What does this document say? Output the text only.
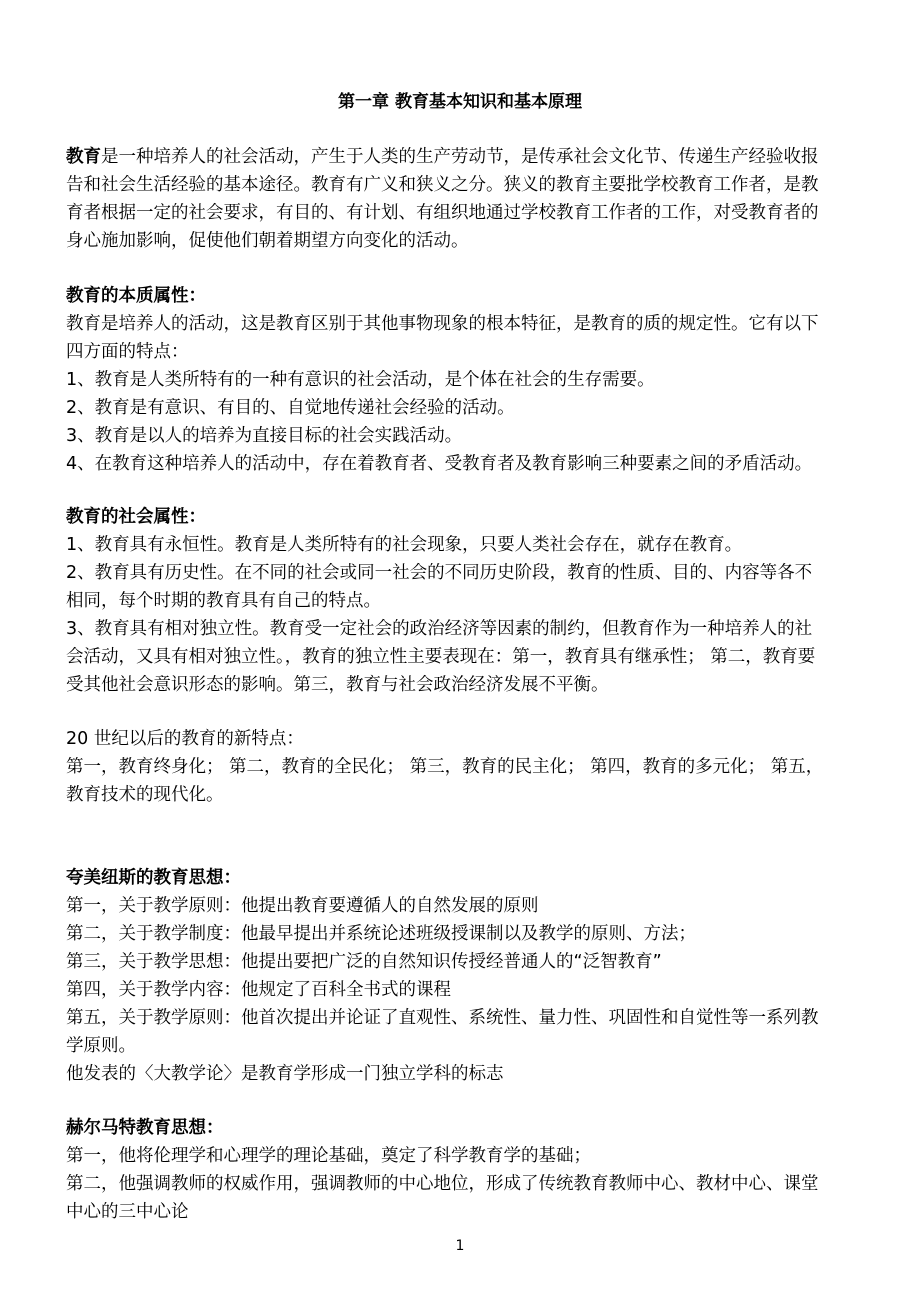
第一章 教育基本知识和基本原理
教育是一种培养人的社会活动，产生于人类的生产劳动节，是传承社会文化节、传递生产经验收报
告和社会生活经验的基本途径。教育有广义和狭义之分。狭义的教育主要批学校教育工作者，是教
育者根据一定的社会要求，有目的、有计划、有组织地通过学校教育工作者的工作，对受教育者的
身心施加影响，促使他们朝着期望方向变化的活动。
教育的本质属性：
教育是培养人的活动，这是教育区别于其他事物现象的根本特征，是教育的质的规定性。它有以下
四方面的特点：
1、教育是人类所特有的一种有意识的社会活动，是个体在社会的生存需要。
2、教育是有意识、有目的、自觉地传递社会经验的活动。
3、教育是以人的培养为直接目标的社会实践活动。
4、在教育这种培养人的活动中，存在着教育者、受教育者及教育影响三种要素之间的矛盾活动。
教育的社会属性：
1、教育具有永恒性。教育是人类所特有的社会现象，只要人类社会存在，就存在教育。
2、教育具有历史性。在不同的社会或同一社会的不同历史阶段，教育的性质、目的、内容等各不
相同，每个时期的教育具有自己的特点。
3、教育具有相对独立性。教育受一定社会的政治经济等因素的制约，但教育作为一种培养人的社
会活动，又具有相对独立性。，教育的独立性主要表现在：第一，教育具有继承性； 第二，教育要
受其他社会意识形态的影响。第三，教育与社会政治经济发展不平衡。
20 世纪以后的教育的新特点：
第一，教育终身化； 第二，教育的全民化； 第三，教育的民主化； 第四，教育的多元化； 第五，
教育技术的现代化。
夸美纽斯的教育思想：
第一，关于教学原则：他提出教育要遵循人的自然发展的原则
第二，关于教学制度：他最早提出并系统论述班级授课制以及教学的原则、方法；
第三，关于教学思想：他提出要把广泛的自然知识传授经普通人的“泛智教育”
第四，关于教学内容：他规定了百科全书式的课程
第五，关于教学原则：他首次提出并论证了直观性、系统性、量力性、巩固性和自觉性等一系列教
学原则。
他发表的〈大教学论〉是教育学形成一门独立学科的标志
赫尔马特教育思想：
第一，他将伦理学和心理学的理论基础，奠定了科学教育学的基础；
第二，他强调教师的权威作用，强调教师的中心地位，形成了传统教育教师中心、教材中心、课堂
中心的三中心论
1
